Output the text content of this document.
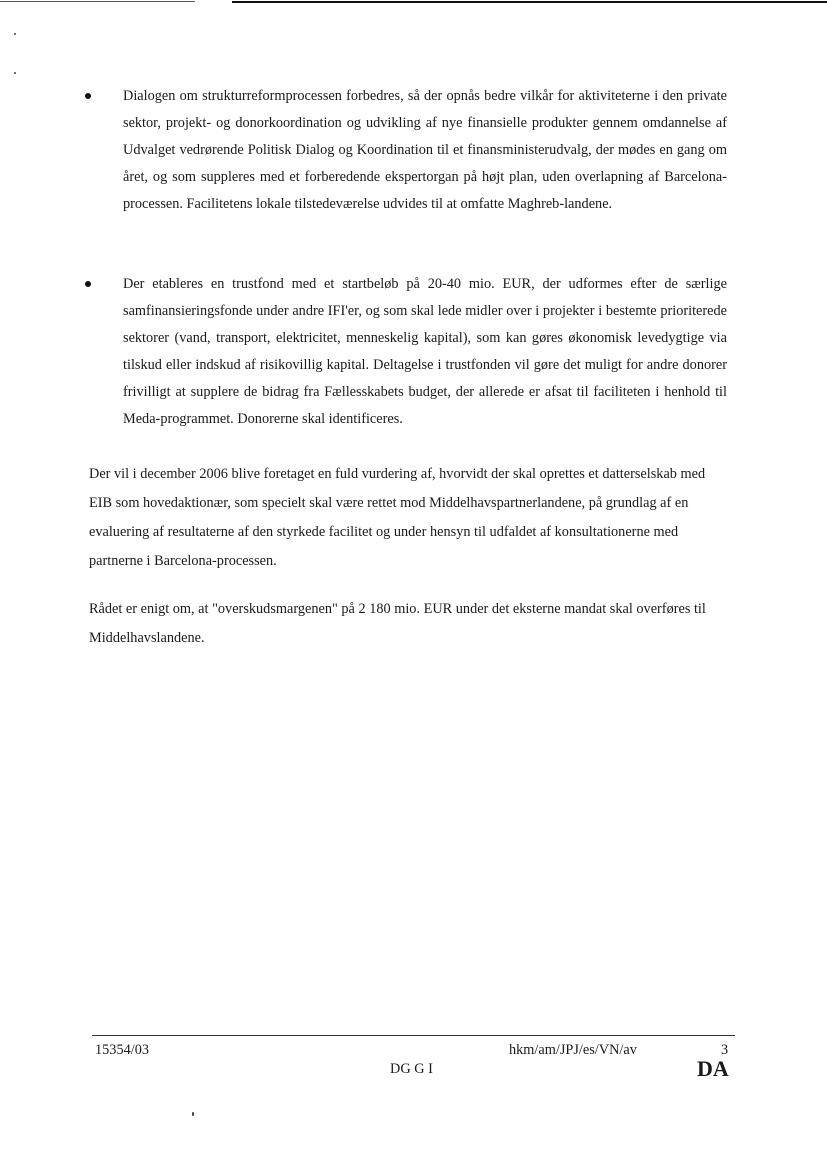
Dialogen om strukturreformprocessen forbedres, så der opnås bedre vilkår for aktiviteterne i den private sektor, projekt- og donorkoordination og udvikling af nye finansielle produkter gennem omdannelse af Udvalget vedrørende Politisk Dialog og Koordination til et finansministerudvalg, der mødes en gang om året, og som suppleres med et forberedende ekspertorgan på højt plan, uden overlapning af Barcelona-processen. Facilitetens lokale tilstedeværelse udvides til at omfatte Maghreb-landene.
Der etableres en trustfond med et startbeløb på 20-40 mio. EUR, der udformes efter de særlige samfinansieringsfonde under andre IFI'er, og som skal lede midler over i projekter i bestemte prioriterede sektorer (vand, transport, elektricitet, menneskelig kapital), som kan gøres økonomisk levedygtige via tilskud eller indskud af risikovillig kapital. Deltagelse i trustfonden vil gøre det muligt for andre donorer frivilligt at supplere de bidrag fra Fællesskabets budget, der allerede er afsat til faciliteten i henhold til Meda-programmet. Donorerne skal identificeres.
Der vil i december 2006 blive foretaget en fuld vurdering af, hvorvidt der skal oprettes et datterselskab med EIB som hovedaktionær, som specielt skal være rettet mod Middelhavspartnerlandene, på grundlag af en evaluering af resultaterne af den styrkede facilitet og under hensyn til udfaldet af konsultationerne med partnerne i Barcelona-processen.
Rådet er enigt om, at "overskudsmargenen" på 2 180 mio. EUR under det eksterne mandat skal overføres til Middelhavslandene.
15354/03	hkm/am/JPJ/es/VN/av	3
DG G I	DA
